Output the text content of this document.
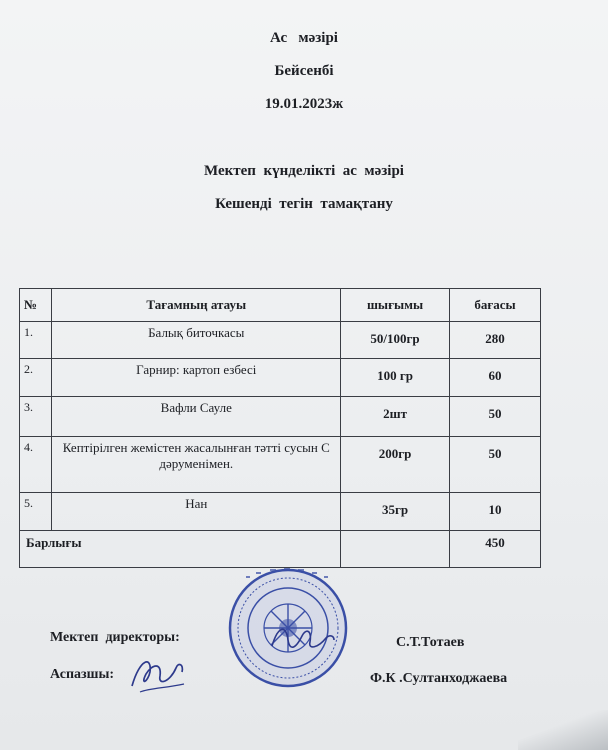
Ас   мәзірі
Бейсенбі
19.01.2023ж
Мектеп  күнделікті  ас  мәзірі
Кешенді  тегін  тамақтану
№	Тағамның атауы	шығымы	бағасы
1.	Балық биточкасы	50/100гр	280
2.	Гарнир: картоп езбесі	100 гр	60
3.	Вафли Сауле	2шт	50
4.	Кептірілген жемістен жасалынған тәтті сусын С дәруменімен.	200гр	50
5.	Нан	35гр	10
Барлығы			450
Мектеп  директоры:	С.Т.Тотаев
Аспазшы:	Ф.К .Султанходжаева
